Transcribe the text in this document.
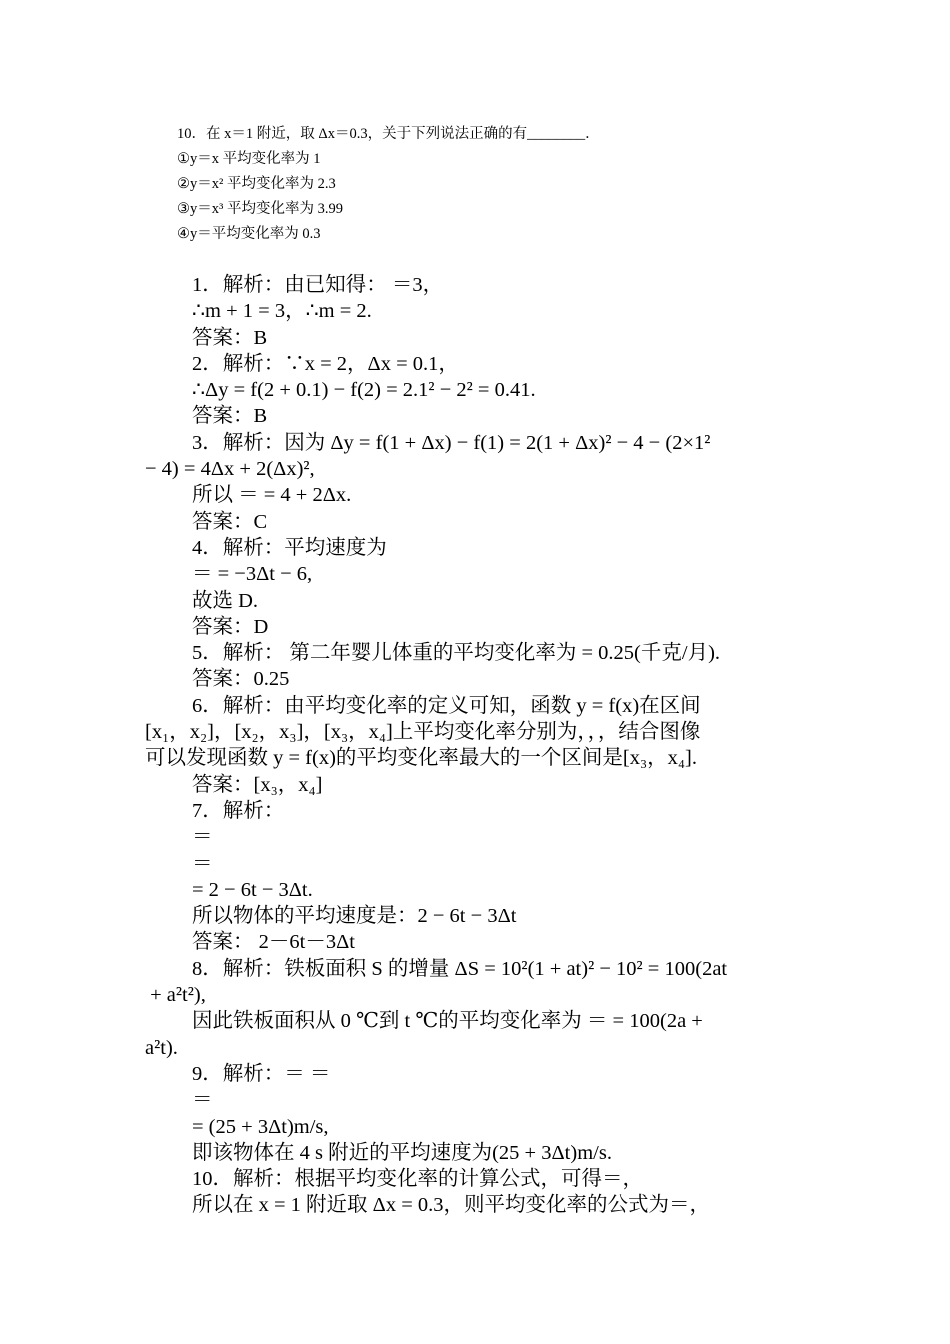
10．在 x＝1 附近，取 Δx＝0.3，关于下列说法正确的有________．
①y＝x 平均变化率为 1
②y＝x² 平均变化率为 2.3
③y＝x³ 平均变化率为 3.99
④y＝平均变化率为 0.3
1．解析：由已知得： ＝3，
∴m + 1 = 3，∴m = 2.
答案：B
2．解析：∵x = 2，Δx = 0.1，
∴Δy = f(2 + 0.1) − f(2) = 2.1² − 2² = 0.41.
答案：B
3．解析：因为 Δy = f(1 + Δx) − f(1) = 2(1 + Δx)² − 4 − (2×1²
− 4) = 4Δx + 2(Δx)²,
所以 ＝ = 4 + 2Δx.
答案：C
4．解析：平均速度为
＝ = −3Δt − 6,
故选 D.
答案：D
5．解析： 第二年婴儿体重的平均变化率为 = 0.25(千克/月).
答案：0.25
6．解析：由平均变化率的定义可知，函数 y = f(x)在区间
[x₁，x₂]，[x₂，x₃]，[x₃，x₄]上平均变化率分别为，，，结合图像
可以发现函数 y = f(x)的平均变化率最大的一个区间是[x₃，x₄].
答案：[x₃，x₄]
7．解析：
＝
＝
= 2 − 6t − 3Δt.
所以物体的平均速度是：2 − 6t − 3Δt
答案： 2－6t－3Δt
8．解析：铁板面积 S 的增量 ΔS = 10²(1 + at)² − 10² = 100(2at
+ a²t²),
因此铁板面积从 0 ℃到 t ℃的平均变化率为 ＝ = 100(2a +
a²t).
9．解析：＝ ＝
＝
= (25 + 3Δt)m/s,
即该物体在 4 s 附近的平均速度为(25 + 3Δt)m/s.
10．解析：根据平均变化率的计算公式，可得＝，
所以在 x = 1 附近取 Δx = 0.3，则平均变化率的公式为＝，
